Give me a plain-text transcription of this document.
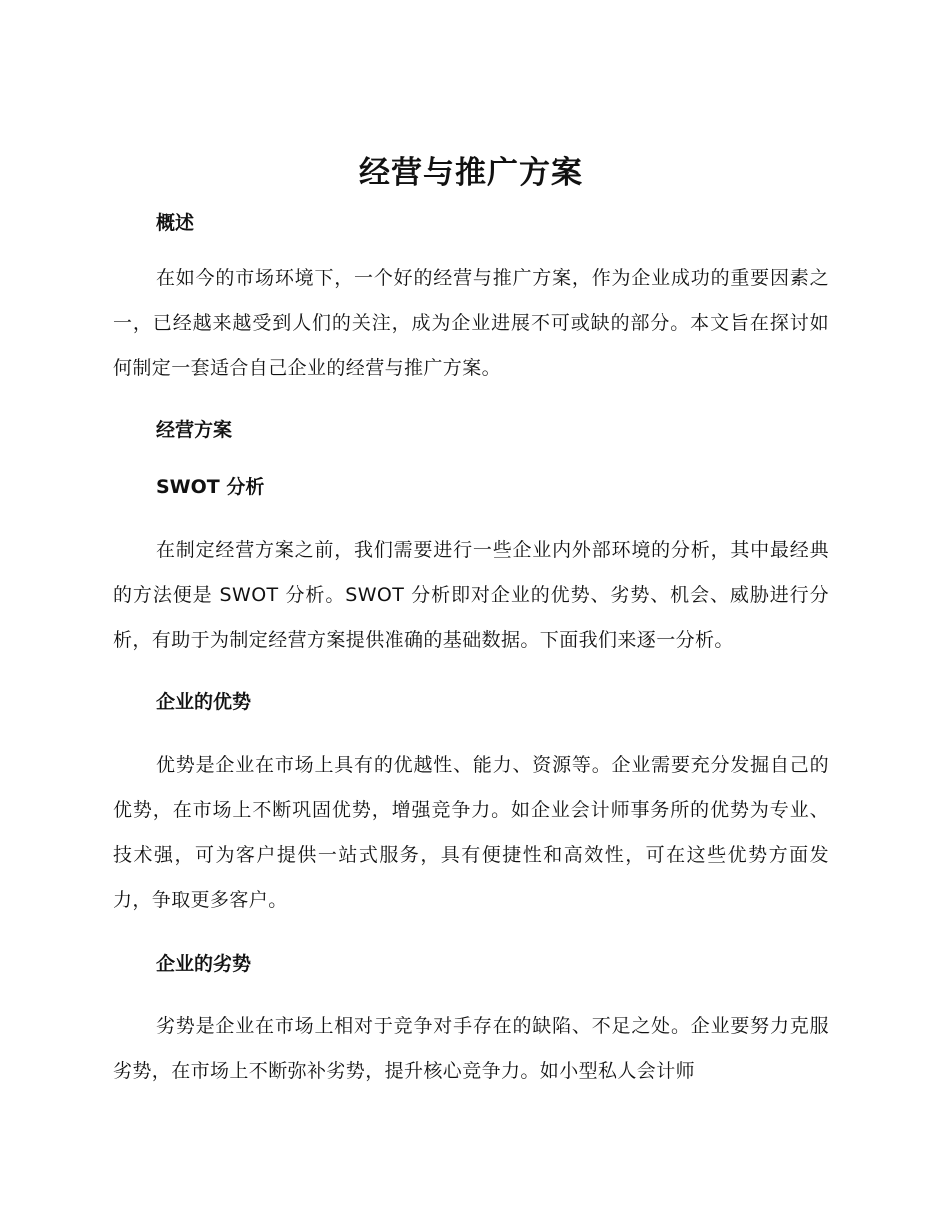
经营与推广方案
概述

在如今的市场环境下，一个好的经营与推广方案，作为企业成功的重要因素之一，已经越来越受到人们的关注，成为企业进展不可或缺的部分。本文旨在探讨如何制定一套适合自己企业的经营与推广方案。

经营方案
SWOT 分析

在制定经营方案之前，我们需要进行一些企业内外部环境的分析，其中最经典的方法便是 SWOT 分析。SWOT 分析即对企业的优势、劣势、机会、威胁进行分析，有助于为制定经营方案提供准确的基础数据。下面我们来逐一分析。

企业的优势

优势是企业在市场上具有的优越性、能力、资源等。企业需要充分发掘自己的优势，在市场上不断巩固优势，增强竞争力。如企业会计师事务所的优势为专业、技术强，可为客户提供一站式服务，具有便捷性和高效性，可在这些优势方面发力，争取更多客户。

企业的劣势

劣势是企业在市场上相对于竞争对手存在的缺陷、不足之处。企业要努力克服劣势，在市场上不断弥补劣势，提升核心竞争力。如小型私人会计师
